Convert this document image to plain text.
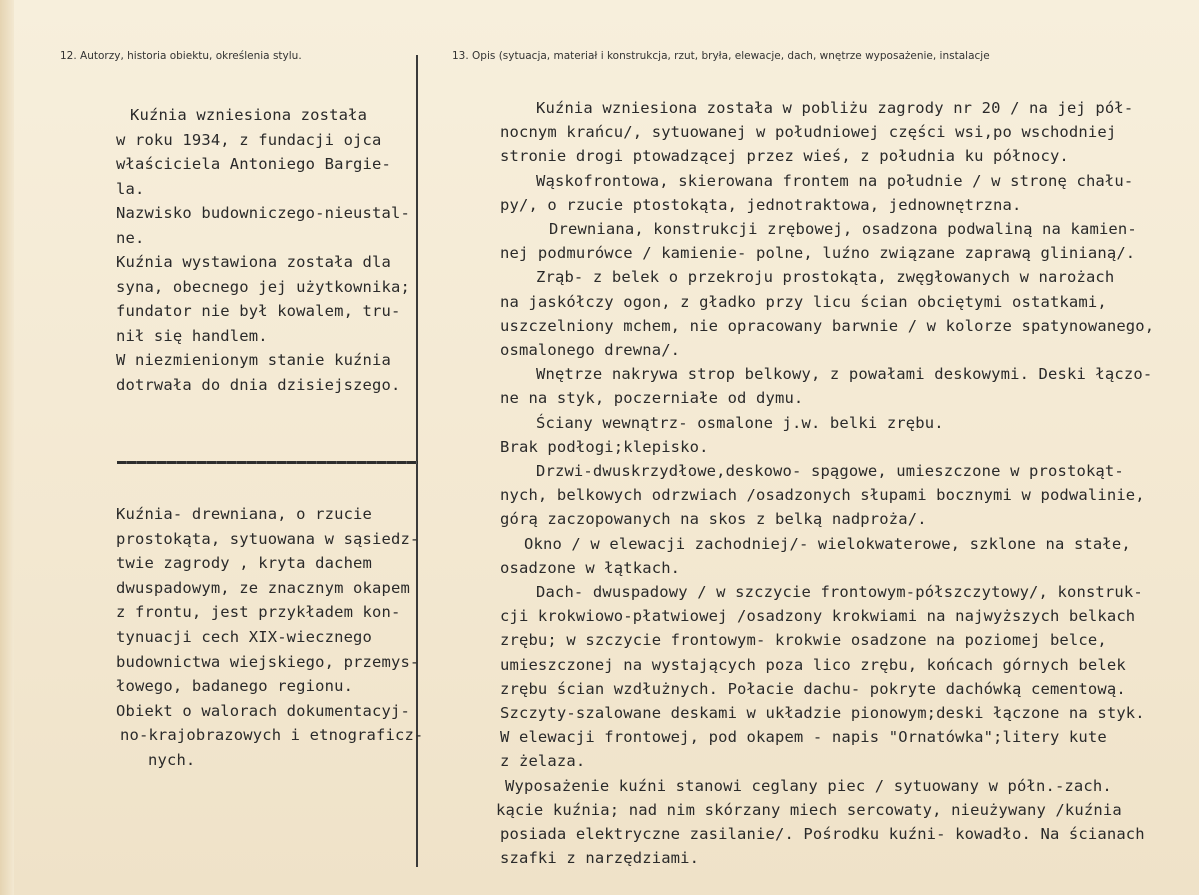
12. Autorzy, historia obiektu, określenia stylu.	13. Opis (sytuacja, materiał i konstrukcja, rzut, bryła, elewacje, dach, wnętrze wyposażenie, instalacje
Kuźnia wzniesiona została
w roku 1934, z fundacji ojca
właściciela Antoniego Bargie-
la.
Nazwisko budowniczego-nieustal-
ne.
Kuźnia wystawiona została dla
syna, obecnego jej użytkownika;
fundator nie był kowalem, tru-
nił się handlem.
W niezmienionym stanie kuźnia
dotrwała do dnia dzisiejszego.
Kuźnia- drewniana, o rzucie
prostokąta, sytuowana w sąsiedz-
twie zagrody , kryta dachem
dwuspadowym, ze znacznym okapem
z frontu, jest przykładem kon-
tynuacji cech XIX-wiecznego
budownictwa wiejskiego, przemys-
łowego, badanego regionu.
Obiekt o walorach dokumentacyj-
no-krajobrazowych i etnograficz-
nych.
Kuźnia wzniesiona została w pobliżu zagrody nr 20 / na jej pół-
nocnym krańcu/, sytuowanej w południowej części wsi,po wschodniej
stronie drogi ptowadzącej przez wieś, z południa ku północy.
Wąskofrontowa, skierowana frontem na południe / w stronę chału-
py/, o rzucie ptostokąta, jednotraktowa, jednownętrzna.
Drewniana, konstrukcji zrębowej, osadzona podwaliną na kamien-
nej podmurówce / kamienie- polne, luźno związane zaprawą glinianą/.
Zrąb- z belek o przekroju prostokąta, zwęgłowanych w narożach
na jaskółczy ogon, z gładko przy licu ścian obciętymi ostatkami,
uszczelniony mchem, nie opracowany barwnie / w kolorze spatynowanego,
osmalonego drewna/.
Wnętrze nakrywa strop belkowy, z powałami deskowymi. Deski łączo-
ne na styk, poczerniałe od dymu.
Ściany wewnątrz- osmalone j.w. belki zrębu.
Brak podłogi;klepisko.
Drzwi-dwuskrzydłowe,deskowo- spągowe, umieszczone w prostokąt-
nych, belkowych odrzwiach /osadzonych słupami bocznymi w podwalinie,
górą zaczopowanych na skos z belką nadproża/.
Okno / w elewacji zachodniej/- wielokwaterowe, szklone na stałe,
osadzone w łątkach.
Dach- dwuspadowy / w szczycie frontowym-półszczytowy/, konstruk-
cji krokwiowo-płatwiowej /osadzony krokwiami na najwyższych belkach
zrębu; w szczycie frontowym- krokwie osadzone na poziomej belce,
umieszczonej na wystających poza lico zrębu, końcach górnych belek
zrębu ścian wzdłużnych. Połacie dachu- pokryte dachówką cementową.
Szczyty-szalowane deskami w układzie pionowym;deski łączone na styk.
W elewacji frontowej, pod okapem - napis "Ornatówka";litery kute
z żelaza.
Wyposażenie kuźni stanowi ceglany piec / sytuowany w półn.-zach.
kącie kuźnia; nad nim skórzany miech sercowaty, nieużywany /kuźnia
posiada elektryczne zasilanie/. Pośrodku kuźni- kowadło. Na ścianach
szafki z narzędziami.
